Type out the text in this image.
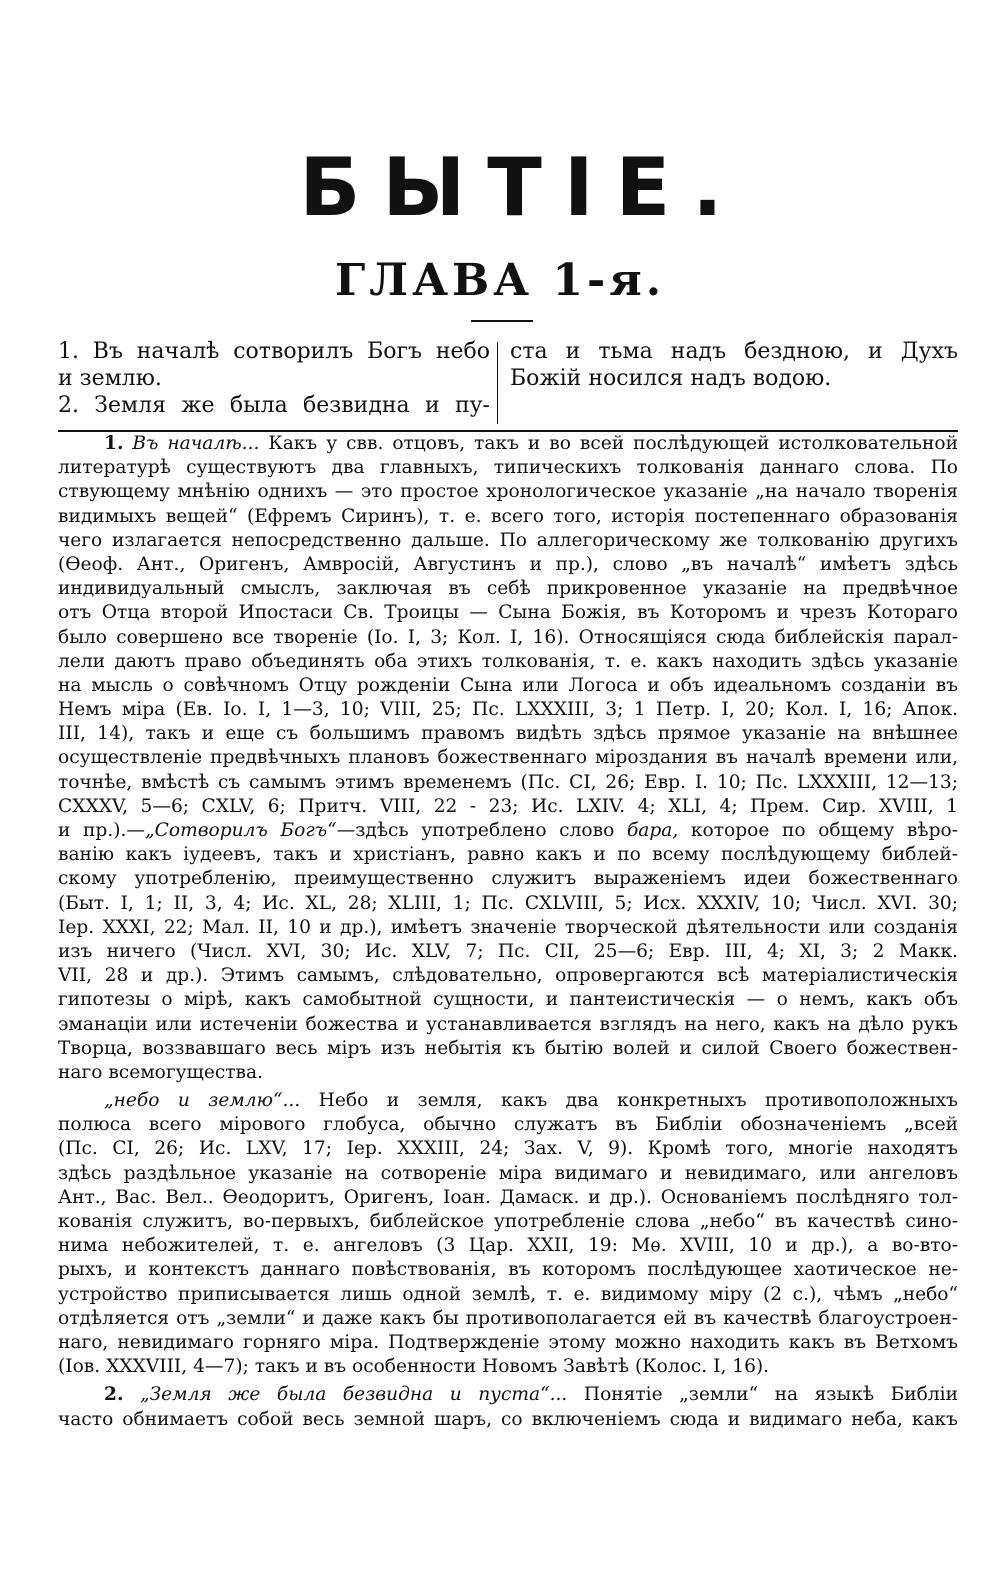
БЫТІЕ.
ГЛАВА 1-я.
1. Въ началѣ сотворилъ Богъ небо
и землю.
2. Земля же была безвидна и пу-
ста и тьма надъ бездною, и Духъ
Божій носился надъ водою.
1. Въ началѣ... Какъ у свв. отцовъ, такъ и во всей послѣдующей истолковательной
литературѣ существуютъ два главныхъ, типическихъ толкованія даннаго слова. По
ствующему мнѣнію однихъ — это простое хронологическое указаніе „на начало творенія
видимыхъ вещей“ (Ефремъ Сиринъ), т. е. всего того, исторія постепеннаго образованія
чего излагается непосредственно дальше. По аллегорическому же толкованію другихъ
(Өеоф. Ант., Оригенъ, Амвросій, Августинъ и пр.), слово „въ началѣ“ имѣетъ здѣсь
индивидуальный смыслъ, заключая въ себѣ прикровенное указаніе на предвѣчное
отъ Отца второй Ипостаси Св. Троицы — Сына Божія, въ Которомъ и чрезъ Котораго
было совершено все твореніе (Іо. І, 3; Кол. І, 16). Относящіяся сюда библейскія парал-
лели даютъ право объединять оба этихъ толкованія, т. е. какъ находить здѣсь указаніе
на мысль о совѣчномъ Отцу рожденіи Сына или Логоса и объ идеальномъ созданіи въ
Немъ міра (Ев. Іо. І, 1—3, 10; VIII, 25; Пс. LXXXIII, 3; 1 Петр. І, 20; Кол. І, 16; Апок.
III, 14), такъ и еще съ большимъ правомъ видѣть здѣсь прямое указаніе на внѣшнее
осуществленіе предвѣчныхъ плановъ божественнаго міроздания въ началѣ времени или,
точнѣе, вмѣстѣ съ самымъ этимъ временемъ (Пс. CI, 26; Евр. І. 10; Пс. LXXXIII, 12—13;
CXXXV, 5—6; CXLV, 6; Притч. VIII, 22 - 23; Ис. LXIV. 4; XLI, 4; Прем. Сир. XVIII, 1
и пр.).—„Сотворилъ Богъ“—здѣсь употреблено слово бара, которое по общему вѣро-
ванію какъ іудеевъ, такъ и христіанъ, равно какъ и по всему послѣдующему библей-
скому употребленію, преимущественно служитъ выраженіемъ идеи божественнаго
(Быт. І, 1; II, 3, 4; Ис. XL, 28; XLIII, 1; Пс. CXLVIII, 5; Исх. XXXIV, 10; Числ. XVI. 30;
Іер. XXXI, 22; Мал. II, 10 и др.), имѣетъ значеніе творческой дѣятельности или созданія
изъ ничего (Числ. XVI, 30; Ис. XLV, 7; Пс. CII, 25—6; Евр. III, 4; XI, 3; 2 Макк.
VII, 28 и др.). Этимъ самымъ, слѣдовательно, опровергаются всѣ матеріалистическія
гипотезы о мірѣ, какъ самобытной сущности, и пантеистическія — о немъ, какъ объ
эманаціи или истеченіи божества и устанавливается взглядъ на него, какъ на дѣло рукъ
Творца, воззвавшаго весь міръ изъ небытія къ бытію волей и силой Своего божествен-
наго всемогущества.
„небо и землю“... Небо и земля, какъ два конкретныхъ противоположныхъ
полюса всего мірового глобуса, обычно служатъ въ Библіи обозначеніемъ „всей
(Пс. CI, 26; Ис. LXV, 17; Іер. XXXIII, 24; Зах. V, 9). Кромѣ того, многіе находятъ
здѣсь раздѣльное указаніе на сотвореніе міра видимаго и невидимаго, или ангеловъ
Ант., Вас. Вел.. Өеодоритъ, Оригенъ, Іоан. Дамаск. и др.). Основаніемъ послѣдняго тол-
кованія служитъ, во-первыхъ, библейское употребленіе слова „небо“ въ качествѣ сино-
нима небожителей, т. е. ангеловъ (3 Цар. XXII, 19: Мѳ. XVIII, 10 и др.), а во-вто-
рыхъ, и контекстъ даннаго повѣствованія, въ которомъ послѣдующее хаотическое не-
устройство приписывается лишь одной землѣ, т. е. видимому міру (2 с.), чѣмъ „небо“
отдѣляется отъ „земли“ и даже какъ бы противополагается ей въ качествѣ благоустроен-
наго, невидимаго горняго міра. Подтвержденіе этому можно находить какъ въ Ветхомъ
(Іов. XXXVIII, 4—7); такъ и въ особенности Новомъ Завѣтѣ (Колос. І, 16).
2. „Земля же была безвидна и пуста“... Понятіе „земли“ на языкѣ Библіи
часто обнимаетъ собой весь земной шаръ, со включеніемъ сюда и видимаго неба, какъ
